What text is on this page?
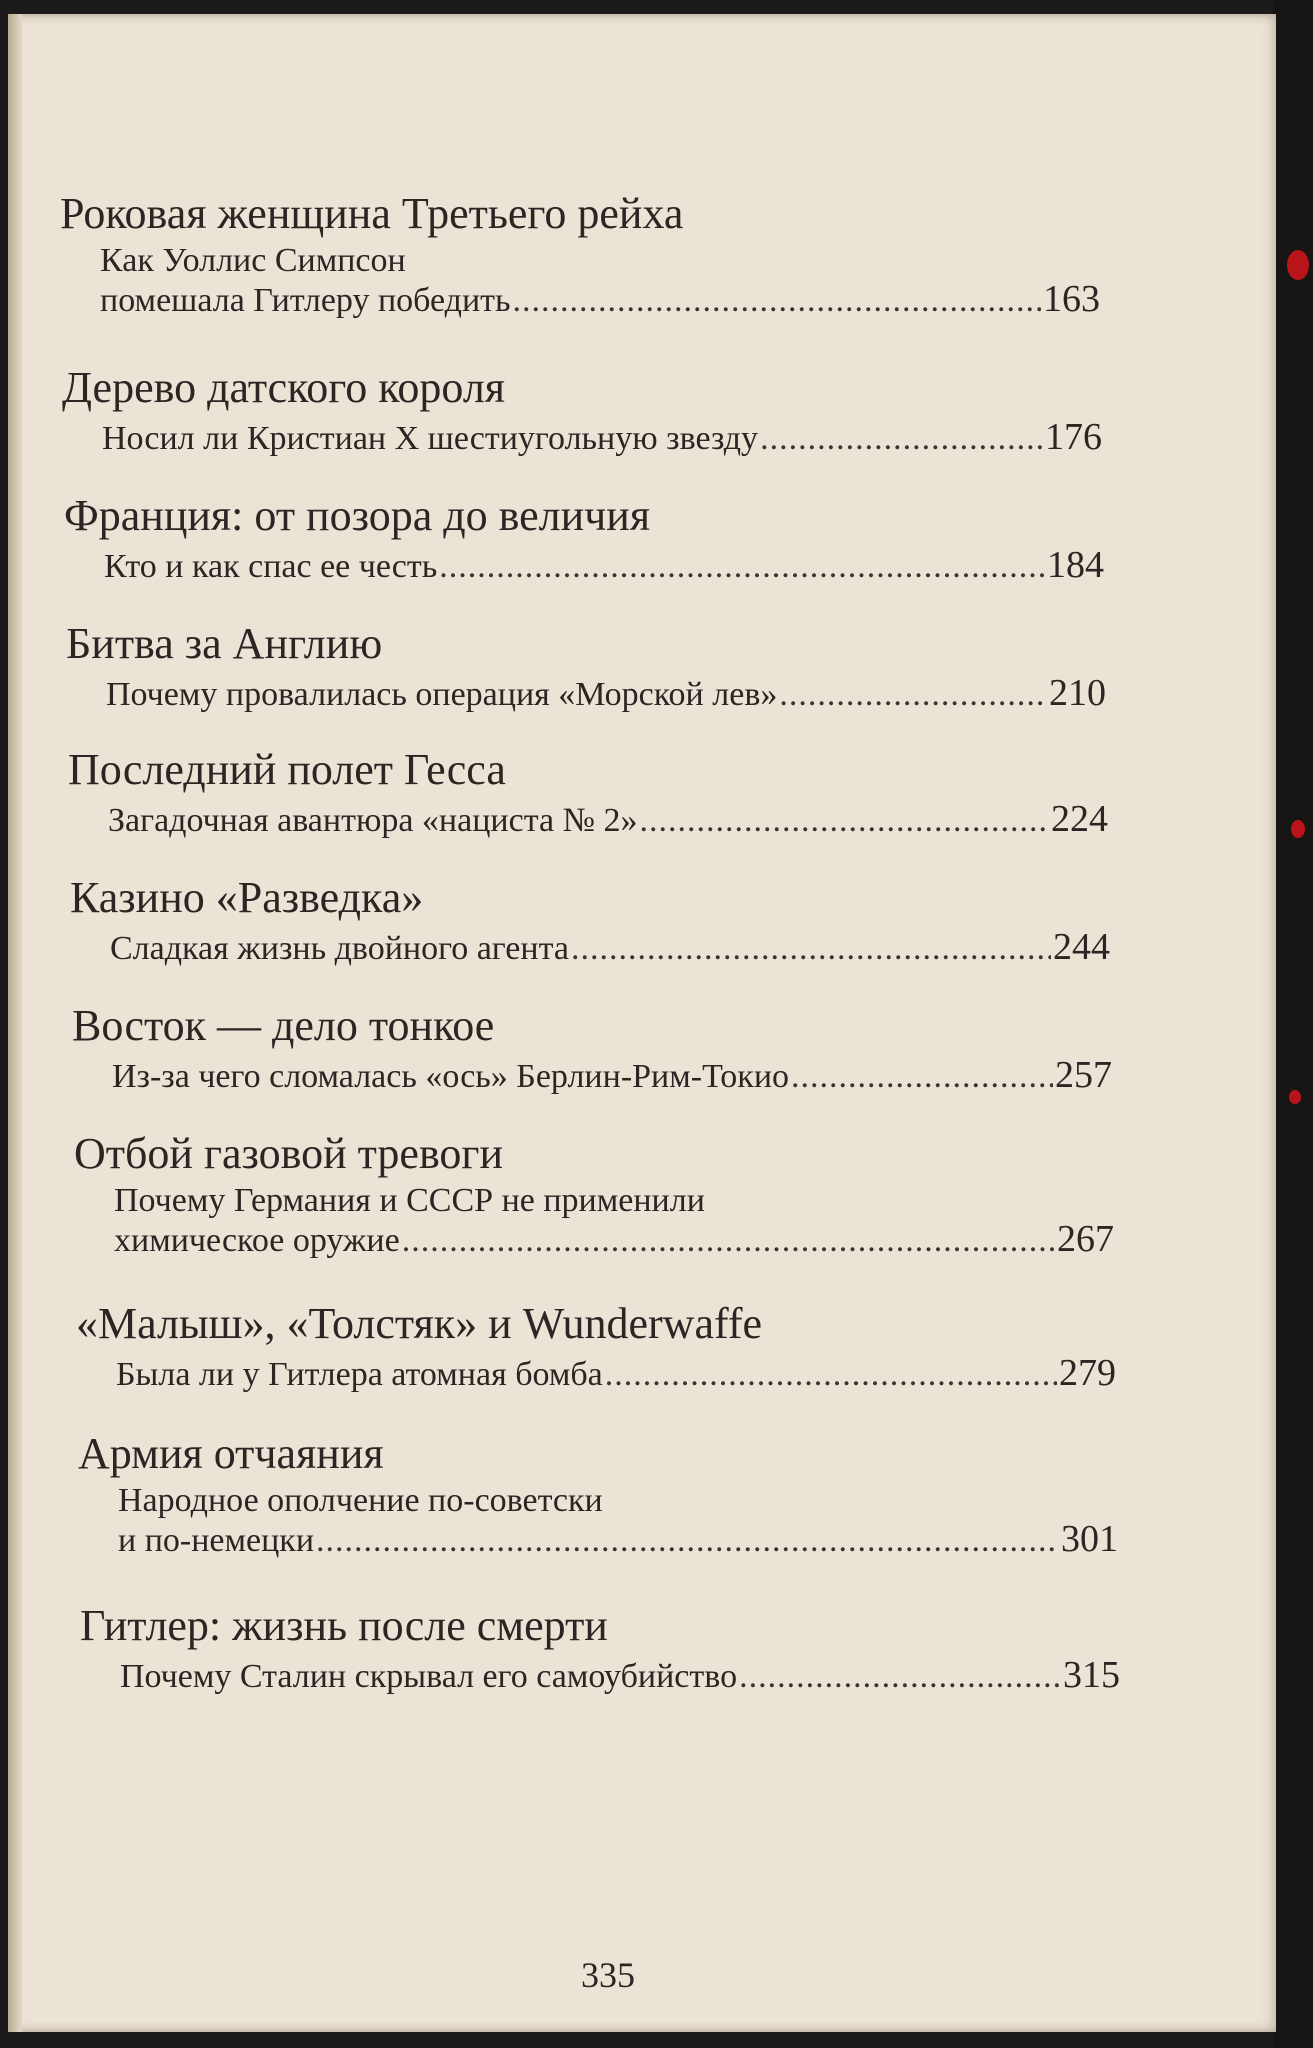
Роковая женщина Третьего рейха
Как Уоллис Симпсон
помешала Гитлеру победить .....	163
Дерево датского короля
Носил ли Кристиан X шестиугольную звезду .....	176
Франция: от позора до величия
Кто и как спас ее честь .....	184
Битва за Англию
Почему провалилась операция «Морской лев» .....	210
Последний полет Гесса
Загадочная авантюра «нациста № 2» .....	224
Казино «Разведка»
Сладкая жизнь двойного агента .....	244
Восток — дело тонкое
Из-за чего сломалась «ось» Берлин-Рим-Токио .....	257
Отбой газовой тревоги
Почему Германия и СССР не применили
химическое оружие .....	267
«Малыш», «Толстяк» и Wunderwaffe
Была ли у Гитлера атомная бомба .....	279
Армия отчаяния
Народное ополчение по-советски
и по-немецки .....	301
Гитлер: жизнь после смерти
Почему Сталин скрывал его самоубийство .....	315
335
